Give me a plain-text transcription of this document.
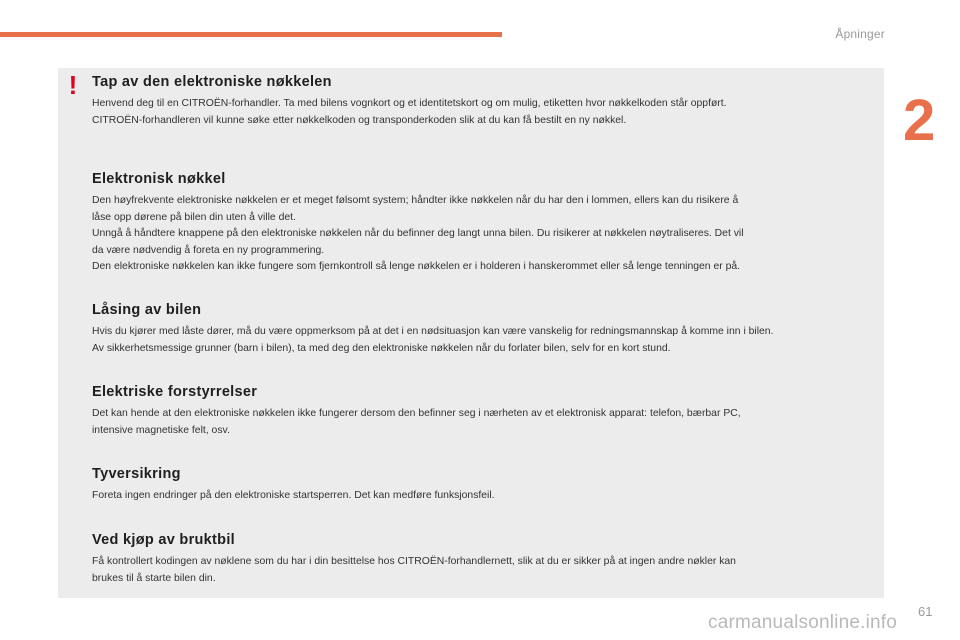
Åpninger
2
! Tap av den elektroniske nøkkelen

Henvend deg til en CITROËN-forhandler. Ta med bilens vognkort og et identitetskort og om mulig, etiketten hvor nøkkelkoden står oppført.
CITROËN-forhandleren vil kunne søke etter nøkkelkoden og transponderkoden slik at du kan få bestilt en ny nøkkel.

Elektronisk nøkkel

Den høyfrekvente elektroniske nøkkelen er et meget følsomt system; håndter ikke nøkkelen når du har den i lommen, ellers kan du risikere å
låse opp dørene på bilen din uten å ville det.
Unngå å håndtere knappene på den elektroniske nøkkelen når du befinner deg langt unna bilen. Du risikerer at nøkkelen nøytraliseres. Det vil
da være nødvendig å foreta en ny programmering.
Den elektroniske nøkkelen kan ikke fungere som fjernkontroll så lenge nøkkelen er i holderen i hanskerommet eller så lenge tenningen er på.

Låsing av bilen

Hvis du kjører med låste dører, må du være oppmerksom på at det i en nødsituasjon kan være vanskelig for redningsmannskap å komme inn i bilen.
Av sikkerhetsmessige grunner (barn i bilen), ta med deg den elektroniske nøkkelen når du forlater bilen, selv for en kort stund.

Elektriske forstyrrelser

Det kan hende at den elektroniske nøkkelen ikke fungerer dersom den befinner seg i nærheten av et elektronisk apparat: telefon, bærbar PC,
intensive magnetiske felt, osv.

Tyversikring

Foreta ingen endringer på den elektroniske startsperren. Det kan medføre funksjonsfeil.

Ved kjøp av bruktbil

Få kontrollert kodingen av nøklene som du har i din besittelse hos CITROËN-forhandlernett, slik at du er sikker på at ingen andre nøkler kan
brukes til å starte bilen din.

carmanualsonline.info
61
